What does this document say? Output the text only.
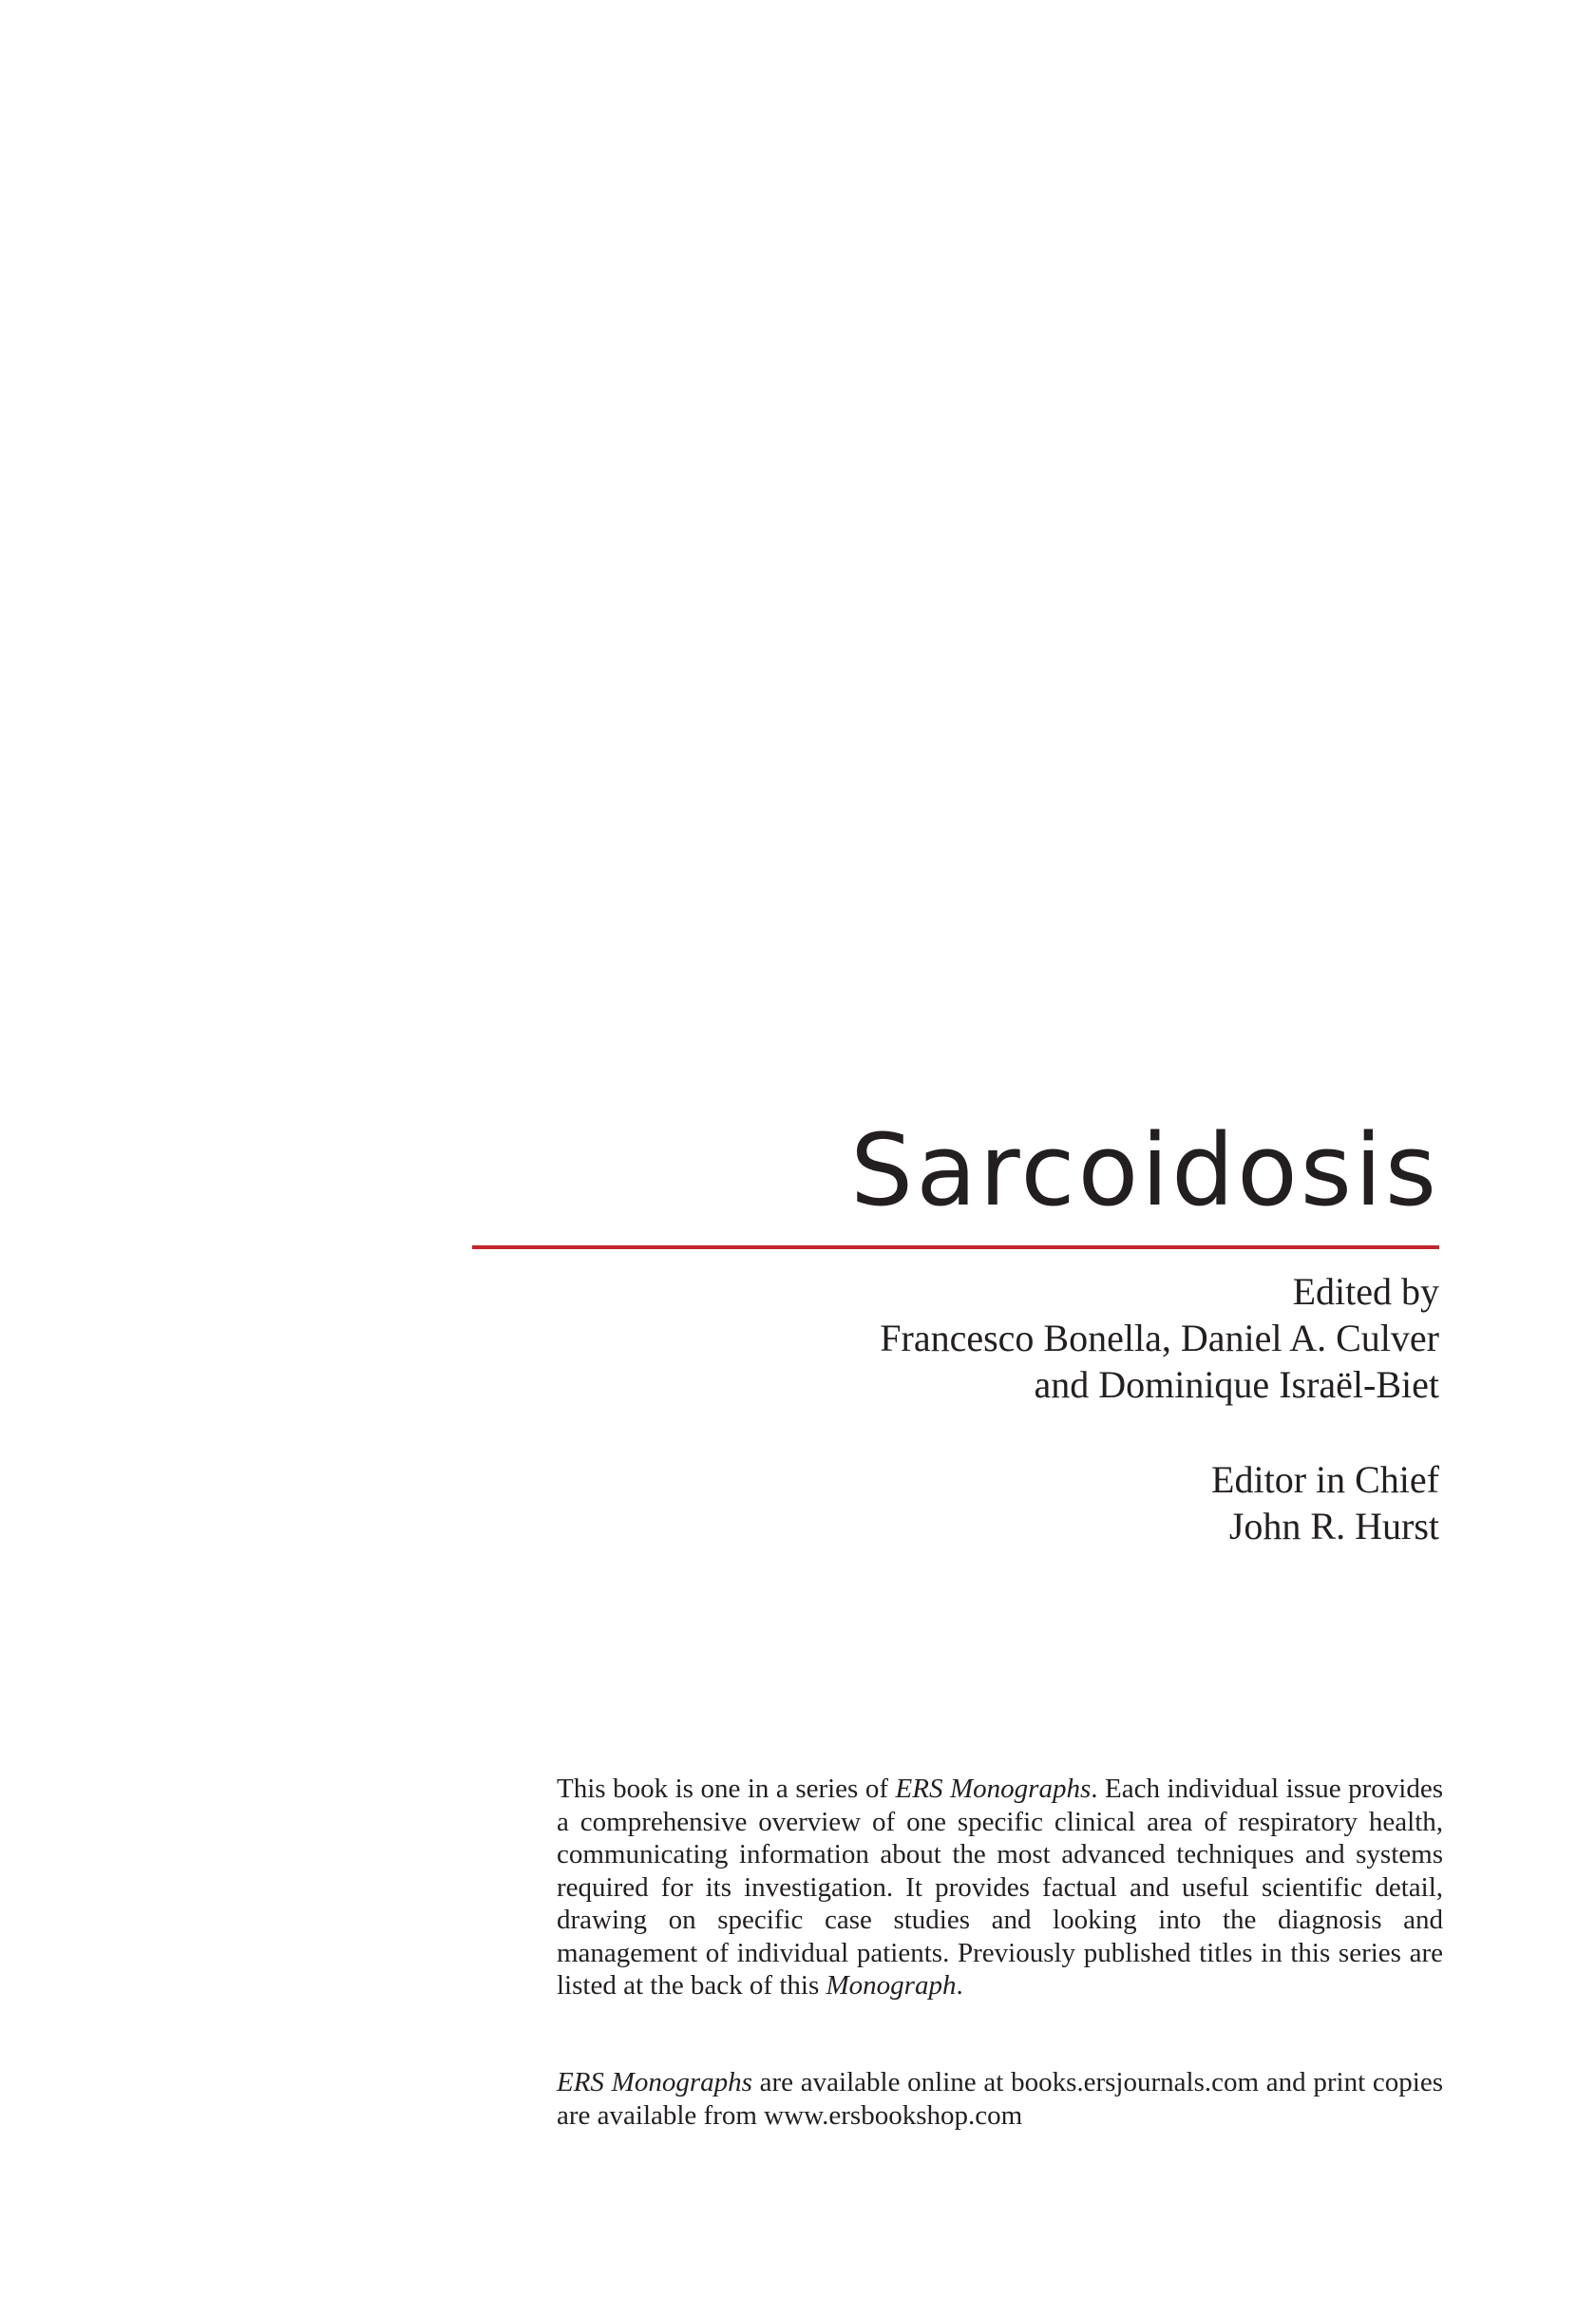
Sarcoidosis
Edited by
Francesco Bonella, Daniel A. Culver
and Dominique Israël-Biet
Editor in Chief
John R. Hurst

This book is one in a series of ERS Monographs. Each individual issue provides a comprehensive overview of one specific clinical area of respiratory health, communicating information about the most advanced techniques and systems required for its investigation. It provides factual and useful scientific detail, drawing on specific case studies and looking into the diagnosis and management of individual patients. Previously published titles in this series are listed at the back of this Monograph.

ERS Monographs are available online at books.ersjournals.com and print copies are available from www.ersbookshop.com
